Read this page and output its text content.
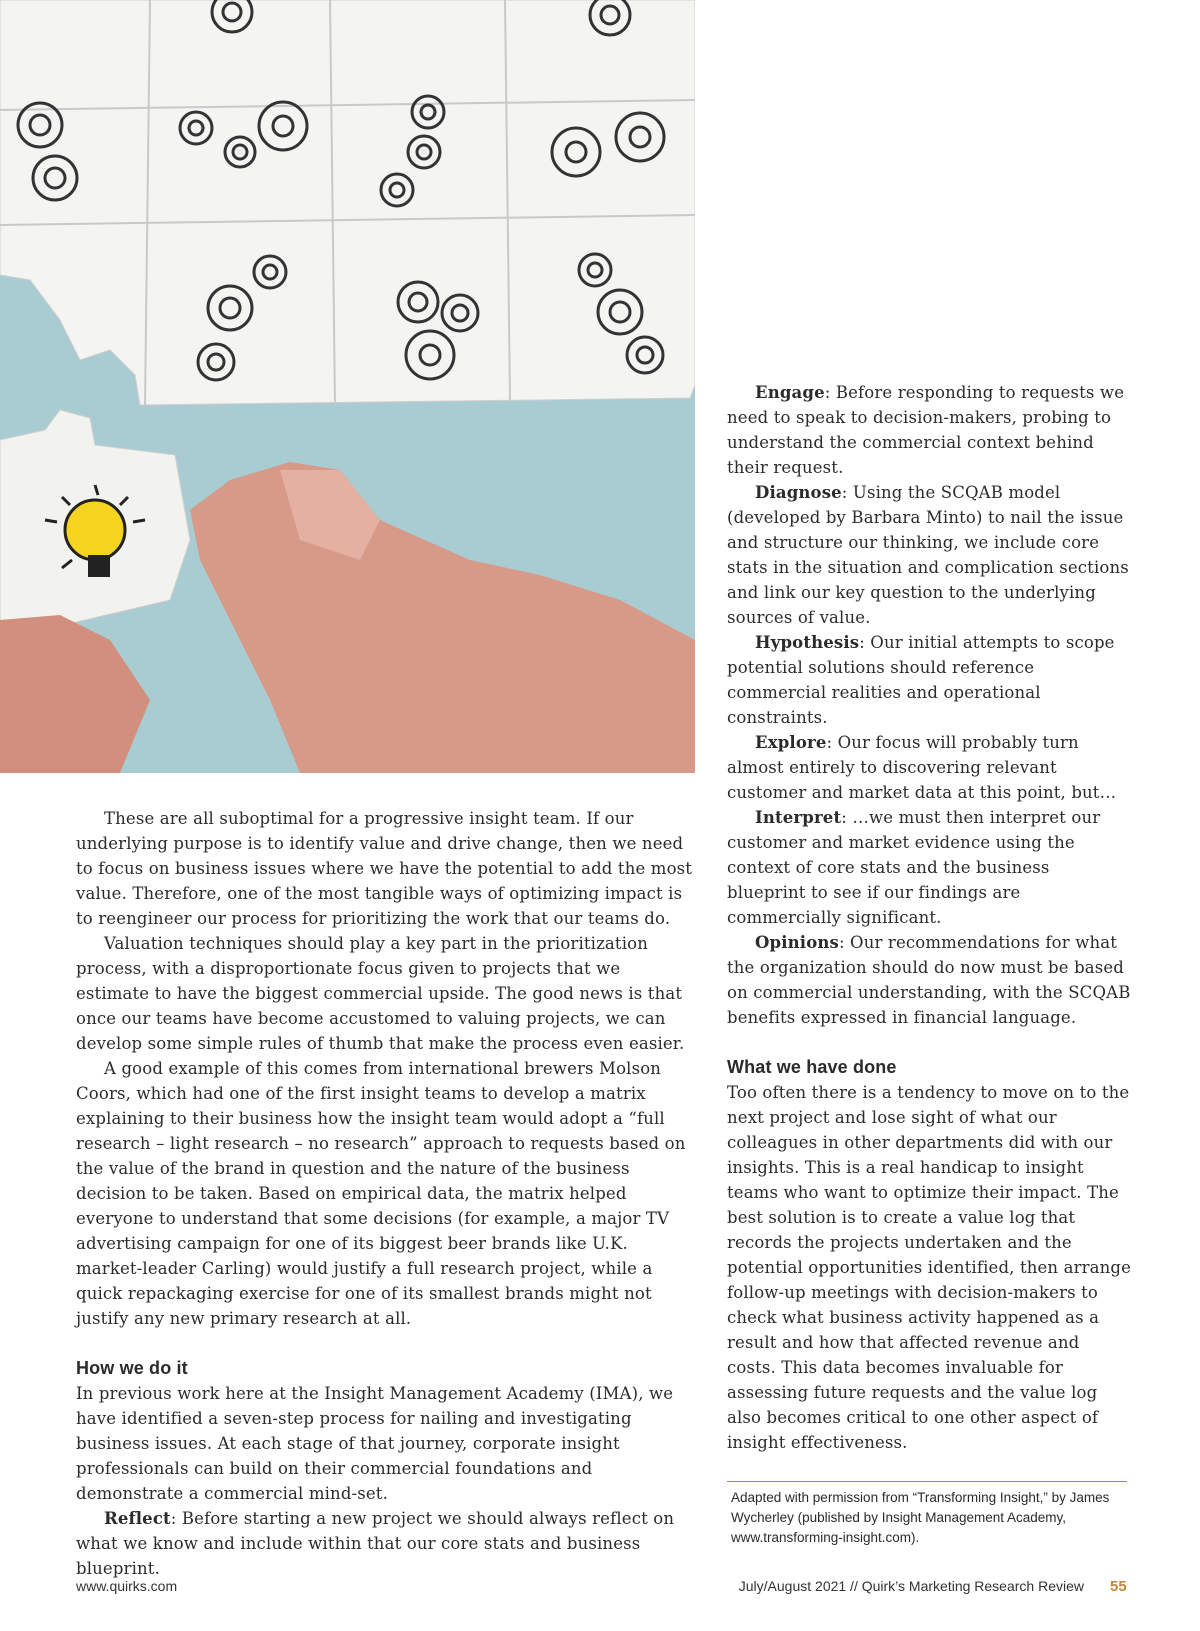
These are all suboptimal for a progressive insight team. If our underlying purpose is to identify value and drive change, then we need to focus on business issues where we have the potential to add the most value. Therefore, one of the most tangible ways of optimizing impact is to reengineer our process for prioritizing the work that our teams do.

Valuation techniques should play a key part in the prioritization process, with a disproportionate focus given to projects that we estimate to have the biggest commercial upside. The good news is that once our teams have become accustomed to valuing projects, we can develop some simple rules of thumb that make the process even easier.

A good example of this comes from international brewers Molson Coors, which had one of the first insight teams to develop a matrix explaining to their business how the insight team would adopt a “full research – light research – no research” approach to requests based on the value of the brand in question and the nature of the business decision to be taken. Based on empirical data, the matrix helped everyone to understand that some decisions (for example, a major TV advertising campaign for one of its biggest beer brands like U.K. market-leader Carling) would justify a full research project, while a quick repackaging exercise for one of its smallest brands might not justify any new primary research at all.

How we do it

In previous work here at the Insight Management Academy (IMA), we have identified a seven-step process for nailing and investigating business issues. At each stage of that journey, corporate insight professionals can build on their commercial foundations and demonstrate a commercial mind-set.

Reflect: Before starting a new project we should always reflect on what we know and include within that our core stats and business blueprint.

Engage: Before responding to requests we need to speak to decision-makers, probing to understand the commercial context behind their request.

Diagnose: Using the SCQAB model (developed by Barbara Minto) to nail the issue and structure our thinking, we include core stats in the situation and complication sections and link our key question to the underlying sources of value.

Hypothesis: Our initial attempts to scope potential solutions should reference commercial realities and operational constraints.

Explore: Our focus will probably turn almost entirely to discovering relevant customer and market data at this point, but…

Interpret: …we must then interpret our customer and market evidence using the context of core stats and the business blueprint to see if our findings are commercially significant.

Opinions: Our recommendations for what the organization should do now must be based on commercial understanding, with the SCQAB benefits expressed in financial language.

What we have done

Too often there is a tendency to move on to the next project and lose sight of what our colleagues in other departments did with our insights. This is a real handicap to insight teams who want to optimize their impact. The best solution is to create a value log that records the projects undertaken and the potential opportunities identified, then arrange follow-up meetings with decision-makers to check what business activity happened as a result and how that affected revenue and costs. This data becomes invaluable for assessing future requests and the value log also becomes critical to one other aspect of insight effectiveness.

Adapted with permission from “Transforming Insight,” by James Wycherley (published by Insight Management Academy, www.transforming-insight.com).
www.quirks.com	July/August 2021 // Quirk’s Marketing Research Review 55
